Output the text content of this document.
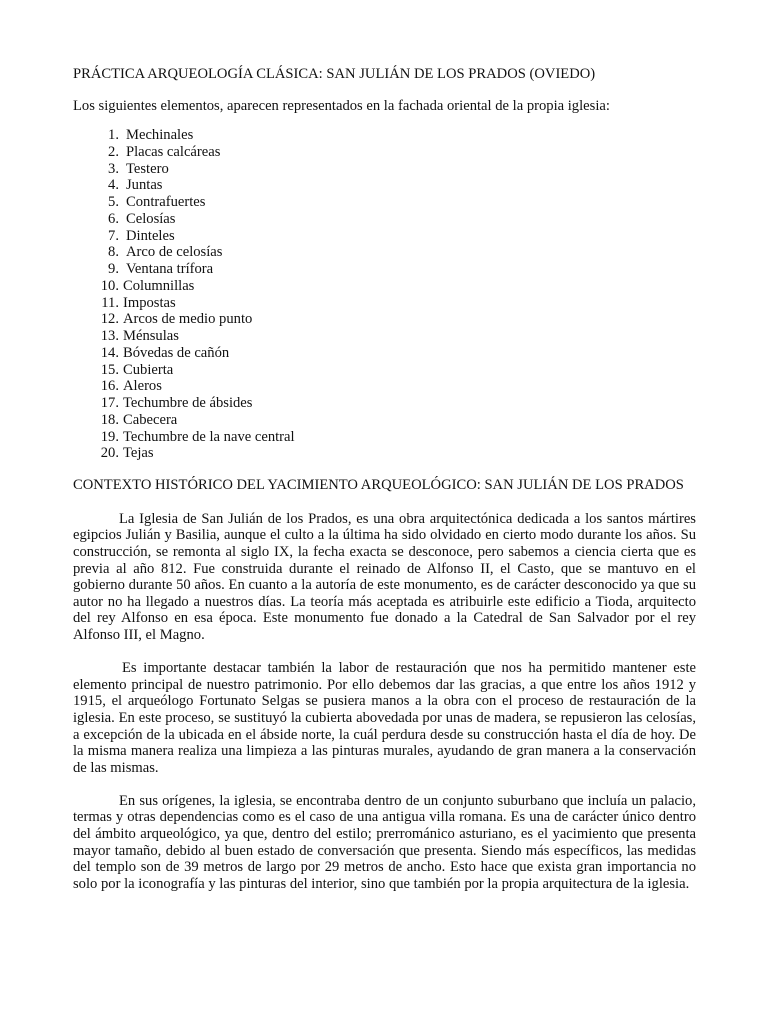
PRÁCTICA ARQUEOLOGÍA CLÁSICA: SAN JULIÁN DE LOS PRADOS (OVIEDO)

Los siguientes elementos, aparecen representados en la fachada oriental de la propia iglesia:

1. Mechinales
2. Placas calcáreas
3. Testero
4. Juntas
5. Contrafuertes
6. Celosías
7. Dinteles
8. Arco de celosías
9. Ventana trífora
10. Columnillas
11. Impostas
12. Arcos de medio punto
13. Ménsulas
14. Bóvedas de cañón
15. Cubierta
16. Aleros
17. Techumbre de ábsides
18. Cabecera
19. Techumbre de la nave central
20. Tejas
CONTEXTO HISTÓRICO DEL YACIMIENTO ARQUEOLÓGICO: SAN JULIÁN DE LOS PRADOS

La Iglesia de San Julián de los Prados, es una obra arquitectónica dedicada a los santos mártires egipcios Julián y Basilia, aunque el culto a la última ha sido olvidado en cierto modo durante los años. Su construcción, se remonta al siglo IX, la fecha exacta se desconoce, pero sabemos a ciencia cierta que es previa al año 812. Fue construida durante el reinado de Alfonso II, el Casto, que se mantuvo en el gobierno durante 50 años. En cuanto a la autoría de este monumento, es de carácter desconocido ya que su autor no ha llegado a nuestros días. La teoría más aceptada es atribuirle este edificio a Tioda, arquitecto del rey Alfonso en esa época. Este monumento fue donado a la Catedral de San Salvador por el rey Alfonso III, el Magno.

Es importante destacar también la labor de restauración que nos ha permitido mantener este elemento principal de nuestro patrimonio. Por ello debemos dar las gracias, a que entre los años 1912 y 1915, el arqueólogo Fortunato Selgas se pusiera manos a la obra con el proceso de restauración de la iglesia. En este proceso, se sustituyó la cubierta abovedada por unas de madera, se repusieron las celosías, a excepción de la ubicada en el ábside norte, la cuál perdura desde su construcción hasta el día de hoy. De la misma manera realiza una limpieza a las pinturas murales, ayudando de gran manera a la conservación de las mismas.

En sus orígenes, la iglesia, se encontraba dentro de un conjunto suburbano que incluía un palacio, termas y otras dependencias como es el caso de una antigua villa romana. Es una de carácter único dentro del ámbito arqueológico, ya que, dentro del estilo; prerrománico asturiano, es el yacimiento que presenta mayor tamaño, debido al buen estado de conversación que presenta. Siendo más específicos, las medidas del templo son de 39 metros de largo por 29 metros de ancho. Esto hace que exista gran importancia no solo por la iconografía y las pinturas del interior, sino que también por la propia arquitectura de la iglesia.
